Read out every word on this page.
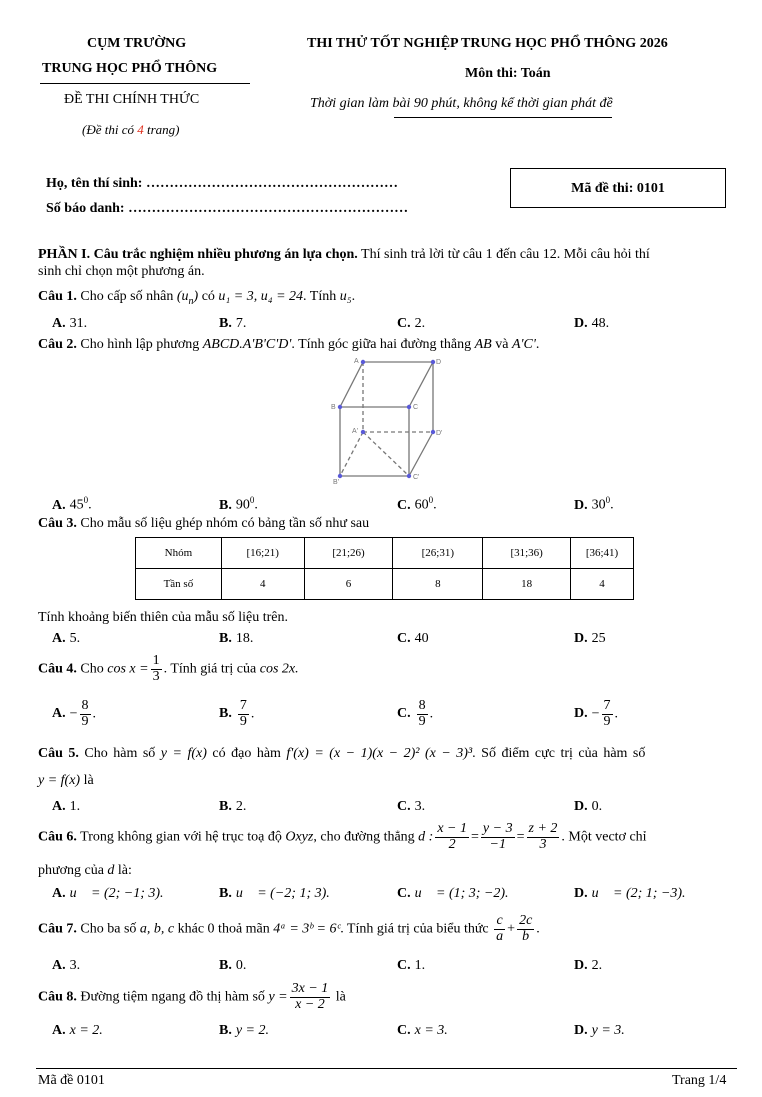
CỤM TRƯỜNG
TRUNG HỌC PHỔ THÔNG
ĐỀ THI CHÍNH THỨC
(Đề thi có 4 trang)
THI THỬ TỐT NGHIỆP TRUNG HỌC PHỔ THÔNG 2026
Môn thi: Toán
Thời gian làm bài 90 phút, không kể thời gian phát đề
Họ, tên thí sinh: ………………………………………………
Số báo danh: ……………………………………………………
Mã đề thi: 0101
PHẦN I. Câu trắc nghiệm nhiều phương án lựa chọn. Thí sinh trả lời từ câu 1 đến câu 12. Mỗi câu hỏi thí
sinh chỉ chọn một phương án.
Câu 1. Cho cấp số nhân $(u_n)$ có u₁ = 3, u₄ = 24. Tính u₅.
A. 31.	B. 7.	C. 2.	D. 48.
Câu 2. Cho hình lập phương ABCD.A'B'C'D'. Tính góc giữa hai đường thẳng AB và A'C'.
A	D
B	C
A'	D'
B'
C'
A. $45^0$.	B. $90^0$.	C. $60^0$.	D. $30^0$.
Câu 3. Cho mẫu số liệu ghép nhóm có bảng tần số như sau
Nhóm	[16;21)	[21;26)	[26;31)	[31;36)	[36;41)
Tần số	4	6	8	18	4
Tính khoảng biến thiên của mẫu số liệu trên.
A. 5.	B. 18.	C. 40	D. 25
Câu 4. Cho $\cos x = \frac{1}{3}$ . Tính giá trị của cos 2x.
A. − $\frac{8}{9}$ .	B. $\frac{7}{9}$ .	C. $\frac{8}{9}$ .	D. − $\frac{7}{9}$ .
Câu 5. Cho hàm số y = f(x) có đạo hàm f'(x) = (x − 1)(x − 2)² (x − 3)³. Số điểm cực trị của hàm số
y = f(x) là
A. 1.	B. 2.	C. 3.	D. 0.
Câu 6. Trong không gian với hệ trục toạ độ Oxyz, cho đường thẳng d : $\frac{x - 1}{2} = \frac{y - 3}{-1} = \frac{z + 2}{3}$ . Một vectơ chỉ
phương của d là:
A. u⃗ = (2; −1; 3).	B. u⃗ = (−2; 1; 3).	C. u⃗ = (1; 3; −2).	D. u⃗ = (2; 1; −3).
Câu 7. Cho ba số a, b, c khác 0 thoả mãn 4ᵃ = 3ᵇ = 6ᶜ. Tính giá trị của biểu thức $\frac{c}{a} + \frac{2c}{b}$ .
A. 3.	B. 0.	C. 1.	D. 2.
Câu 8. Đường tiệm ngang đồ thị hàm số $y = \frac{3x - 1}{x - 2}$ là
A. x = 2.	B. y = 2.	C. x = 3.	D. y = 3.
Mã đề 0101	Trang 1/4
